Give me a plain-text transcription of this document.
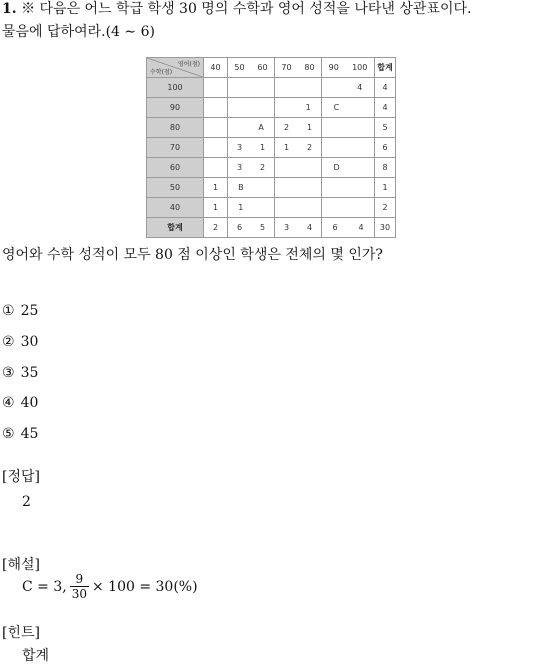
1. ※ 다음은 어느 학급 학생 30 명의 수학과 영어 성적을 나타낸 상관표이다.
물음에 답하여라.(4 ∼ 6)
영어(점)
수학(점)	40	50 60	70 80	90 100	합계
100				4	4
90			1	C	4
80		A	2 1		5
70		3 1	1 2		6
60		3 2		D	8
50	1	B			1
40	1	1			2
합계	2	6 5	3 4	6 4	30
영어와 수학 성적이 모두 80 점 이상인 학생은 전체의 몇 인가?
① 25
② 30
③ 35
④ 40
⑤ 45
[정답]
2
[해설]
C = 3, $\frac{9}{30} \times 100 = 30(\%)$
[힌트]
합계
